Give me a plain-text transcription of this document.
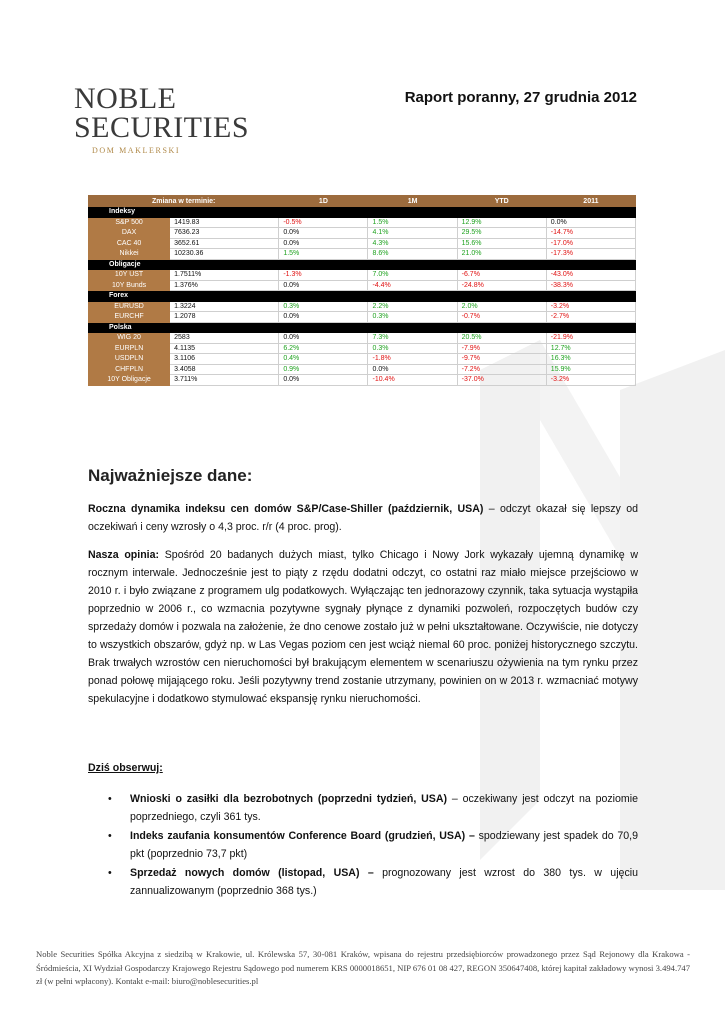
NOBLE
SECURITIES
DOM MAKLERSKI
Raport poranny, 27 grudnia 2012
Zmiana w terminie:		1D	1M	YTD	2011
Indeksy					
S&P 500	1419.83	-0.5%	1.5%	12.9%	0.0%
DAX	7636.23	0.0%	4.1%	29.5%	-14.7%
CAC 40	3652.61	0.0%	4.3%	15.6%	-17.0%
Nikkei	10230.36	1.5%	8.6%	21.0%	-17.3%
Obligacje					
10Y UST	1.7511%	-1.3%	7.0%	-6.7%	-43.0%
10Y Bunds	1.376%	0.0%	-4.4%	-24.8%	-38.3%
Forex					
EURUSD	1.3224	0.3%	2.2%	2.0%	-3.2%
EURCHF	1.2078	0.0%	0.3%	-0.7%	-2.7%
Polska					
WIG 20	2583	0.0%	7.3%	20.5%	-21.9%
EURPLN	4.1135	6.2%	0.3%	-7.9%	12.7%
USDPLN	3.1106	0.4%	-1.8%	-9.7%	16.3%
CHFPLN	3.4058	0.9%	0.0%	-7.2%	15.9%
10Y Obligacje	3.711%	0.0%	-10.4%	-37.0%	-3.2%
Najważniejsze dane:
Roczna dynamika indeksu cen domów S&P/Case-Shiller (październik, USA) – odczyt okazał się lepszy od oczekiwań i ceny wzrosły o 4,3 proc. r/r (4 proc. prog).
Nasza opinia: Spośród 20 badanych dużych miast, tylko Chicago i Nowy Jork wykazały ujemną dynamikę w rocznym interwale. Jednocześnie jest to piąty z rzędu dodatni odczyt, co ostatni raz miało miejsce przejściowo w 2010 r. i było związane z programem ulg podatkowych. Wyłączając ten jednorazowy czynnik, taka sytuacja wystąpiła poprzednio w 2006 r., co wzmacnia pozytywne sygnały płynące z dynamiki pozwoleń, rozpoczętych budów czy sprzedaży domów i pozwala na założenie, że dno cenowe zostało już w pełni ukształtowane. Oczywiście, nie dotyczy to wszystkich obszarów, gdyż np. w Las Vegas poziom cen jest wciąż niemal 60 proc. poniżej historycznego szczytu. Brak trwałych wzrostów cen nieruchomości był brakującym elementem w scenariuszu ożywienia na tym rynku przez ponad połowę mijającego roku. Jeśli pozytywny trend zostanie utrzymany, powinien on w 2013 r. wzmacniać motywy spekulacyjne i dodatkowo stymulować ekspansję rynku nieruchomości.
Dziś obserwuj:
• Wnioski o zasiłki dla bezrobotnych (poprzedni tydzień, USA) – oczekiwany jest odczyt na poziomie poprzedniego, czyli 361 tys.
• Indeks zaufania konsumentów Conference Board (grudzień, USA) – spodziewany jest spadek do 70,9 pkt (poprzednio 73,7 pkt)
• Sprzedaż nowych domów (listopad, USA) – prognozowany jest wzrost do 380 tys. w ujęciu zannualizowanym (poprzednio 368 tys.)
Noble Securities Spółka Akcyjna z siedzibą w Krakowie, ul. Królewska 57, 30-081 Kraków, wpisana do rejestru przedsiębiorców prowadzonego przez Sąd Rejonowy dla Krakowa - Śródmieścia, XI Wydział Gospodarczy Krajowego Rejestru Sądowego pod numerem KRS 0000018651, NIP 676 01 08 427, REGON 350647408, której kapitał zakładowy wynosi 3.494.747 zł (w pełni wpłacony). Kontakt e-mail: biuro@noblesecurities.pl
